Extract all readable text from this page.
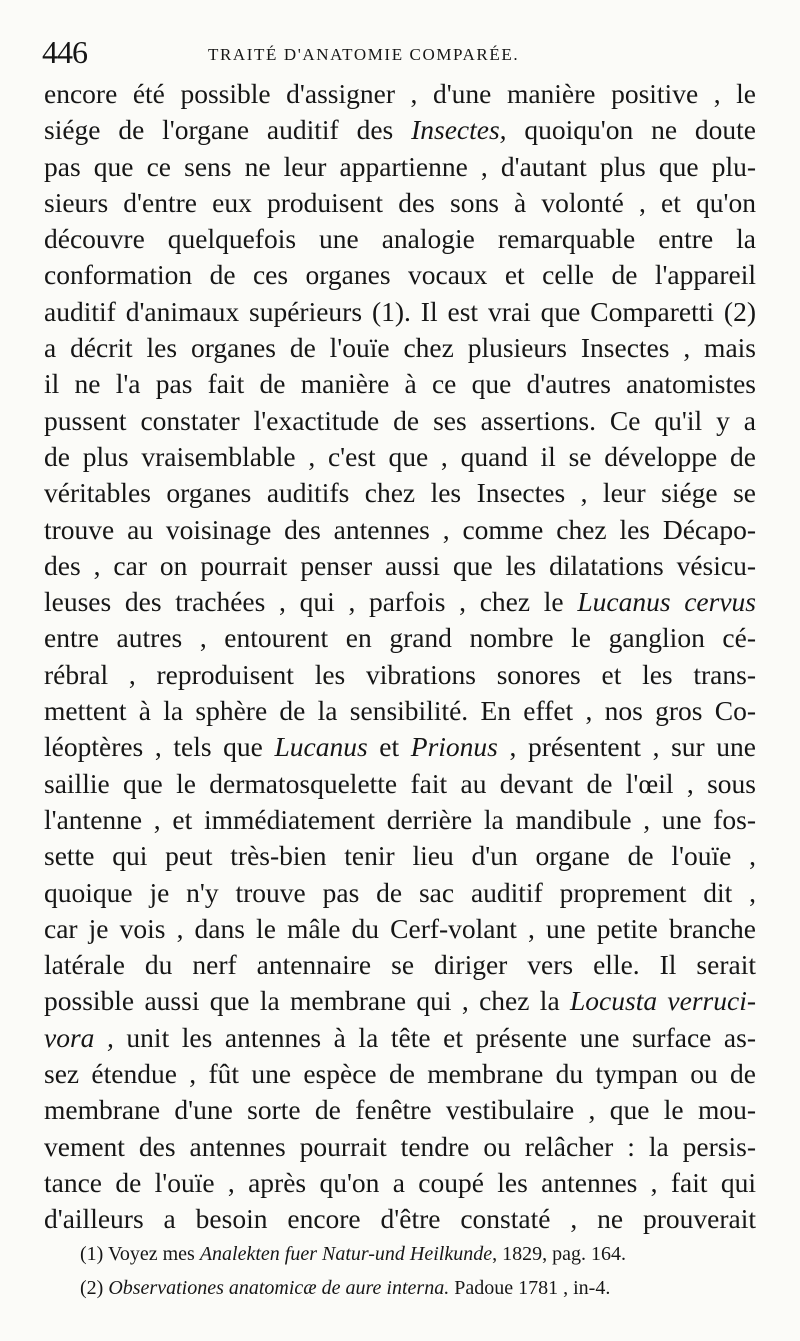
446	TRAITÉ D'ANATOMIE COMPARÉE.
encore été possible d'assigner , d'une manière positive , le
siége de l'organe auditif des Insectes, quoiqu'on ne doute
pas que ce sens ne leur appartienne , d'autant plus que plu-
sieurs d'entre eux produisent des sons à volonté , et qu'on
découvre quelquefois une analogie remarquable entre la
conformation de ces organes vocaux et celle de l'appareil
auditif d'animaux supérieurs (1). Il est vrai que Comparetti (2)
a décrit les organes de l'ouïe chez plusieurs Insectes , mais
il ne l'a pas fait de manière à ce que d'autres anatomistes
pussent constater l'exactitude de ses assertions. Ce qu'il y a
de plus vraisemblable , c'est que , quand il se développe de
véritables organes auditifs chez les Insectes , leur siége se
trouve au voisinage des antennes , comme chez les Décapo-
des , car on pourrait penser aussi que les dilatations vésicu-
leuses des trachées , qui , parfois , chez le Lucanus cervus
entre autres , entourent en grand nombre le ganglion cé-
rébral , reproduisent les vibrations sonores et les trans-
mettent à la sphère de la sensibilité. En effet , nos gros Co-
léoptères , tels que Lucanus et Prionus , présentent , sur une
saillie que le dermatosquelette fait au devant de l'œil , sous
l'antenne , et immédiatement derrière la mandibule , une fos-
sette qui peut très-bien tenir lieu d'un organe de l'ouïe ,
quoique je n'y trouve pas de sac auditif proprement dit ,
car je vois , dans le mâle du Cerf-volant , une petite branche
latérale du nerf antennaire se diriger vers elle. Il serait
possible aussi que la membrane qui , chez la Locusta verruci-
vora , unit les antennes à la tête et présente une surface as-
sez étendue , fût une espèce de membrane du tympan ou de
membrane d'une sorte de fenêtre vestibulaire , que le mou-
vement des antennes pourrait tendre ou relâcher : la persis-
tance de l'ouïe , après qu'on a coupé les antennes , fait qui
d'ailleurs a besoin encore d'être constaté , ne prouverait
(1) Voyez mes Analekten fuer Natur-und Heilkunde, 1829, pag. 164.
(2) Observationes anatomicæ de aure interna. Padoue 1781 , in-4.
